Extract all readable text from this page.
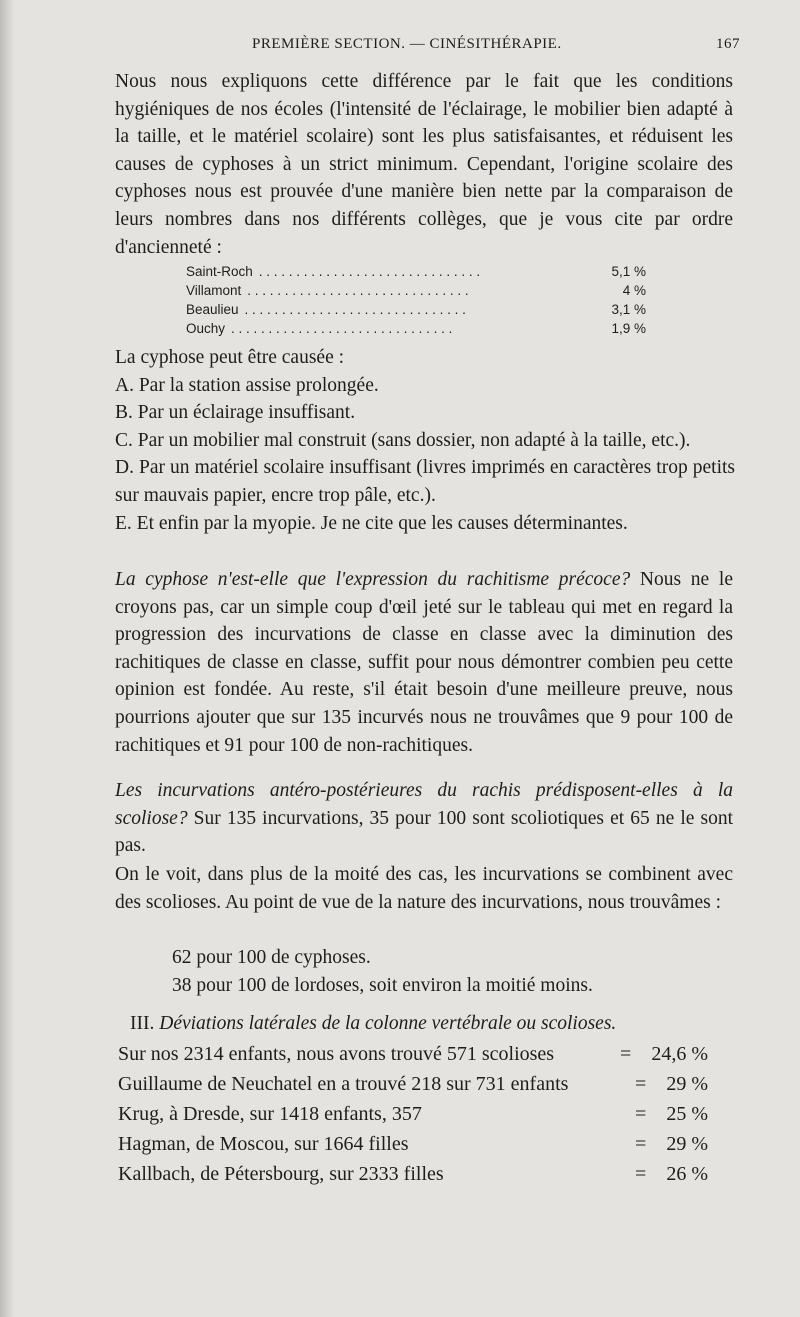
PREMIÈRE SECTION. — CINÉSITHÉRAPIE.	167

Nous nous expliquons cette différence par le fait que les conditions hygiéniques de nos écoles (l'intensité de l'éclairage, le mobilier bien adapté à la taille, et le matériel scolaire) sont les plus satisfaisantes, et réduisent les causes de cyphoses à un strict minimum. Cependant, l'origine scolaire des cyphoses nous est prouvée d'une manière bien nette par la comparaison de leurs nombres dans nos différents collèges, que je vous cite par ordre d'ancienneté :

Saint-Roch . . . . . . . . . . . . . . . . . . . . . . . . . . . . . .	5,1 %
Villamont . . . . . . . . . . . . . . . . . . . . . . . . . . . . . .	4 %
Beaulieu . . . . . . . . . . . . . . . . . . . . . . . . . . . . . .	3,1 %
Ouchy . . . . . . . . . . . . . . . . . . . . . . . . . . . . . .	1,9 %

La cyphose peut être causée :

A. Par la station assise prolongée.

B. Par un éclairage insuffisant.

C. Par un mobilier mal construit (sans dossier, non adapté à la taille, etc.).

D. Par un matériel scolaire insuffisant (livres imprimés en caractères trop petits sur mauvais papier, encre trop pâle, etc.).

E. Et enfin par la myopie. Je ne cite que les causes déterminantes.

La cyphose n'est-elle que l'expression du rachitisme précoce? Nous ne le croyons pas, car un simple coup d'œil jeté sur le tableau qui met en regard la progression des incurvations de classe en classe avec la diminution des rachitiques de classe en classe, suffit pour nous démontrer combien peu cette opinion est fondée. Au reste, s'il était besoin d'une meilleure preuve, nous pourrions ajouter que sur 135 incurvés nous ne trouvâmes que 9 pour 100 de rachitiques et 91 pour 100 de non-rachitiques.

Les incurvations antéro-postérieures du rachis prédisposent-elles à la scoliose? Sur 135 incurvations, 35 pour 100 sont scoliotiques et 65 ne le sont pas.

On le voit, dans plus de la moité des cas, les incurvations se combinent avec des scolioses. Au point de vue de la nature des incurvations, nous trouvâmes :

62 pour 100 de cyphoses.

38 pour 100 de lordoses, soit environ la moitié moins.

III. Déviations latérales de la colonne vertébrale ou scolioses.

Sur nos 2314 enfants, nous avons trouvé 571 scolioses	= 24,6 %
Guillaume de Neuchatel en a trouvé 218 sur 731 enfants	= 29 %
Krug, à Dresde, sur 1418 enfants, 357	= 25 %
Hagman, de Moscou, sur 1664 filles	= 29 %
Kallbach, de Pétersbourg, sur 2333 filles	= 26 %
